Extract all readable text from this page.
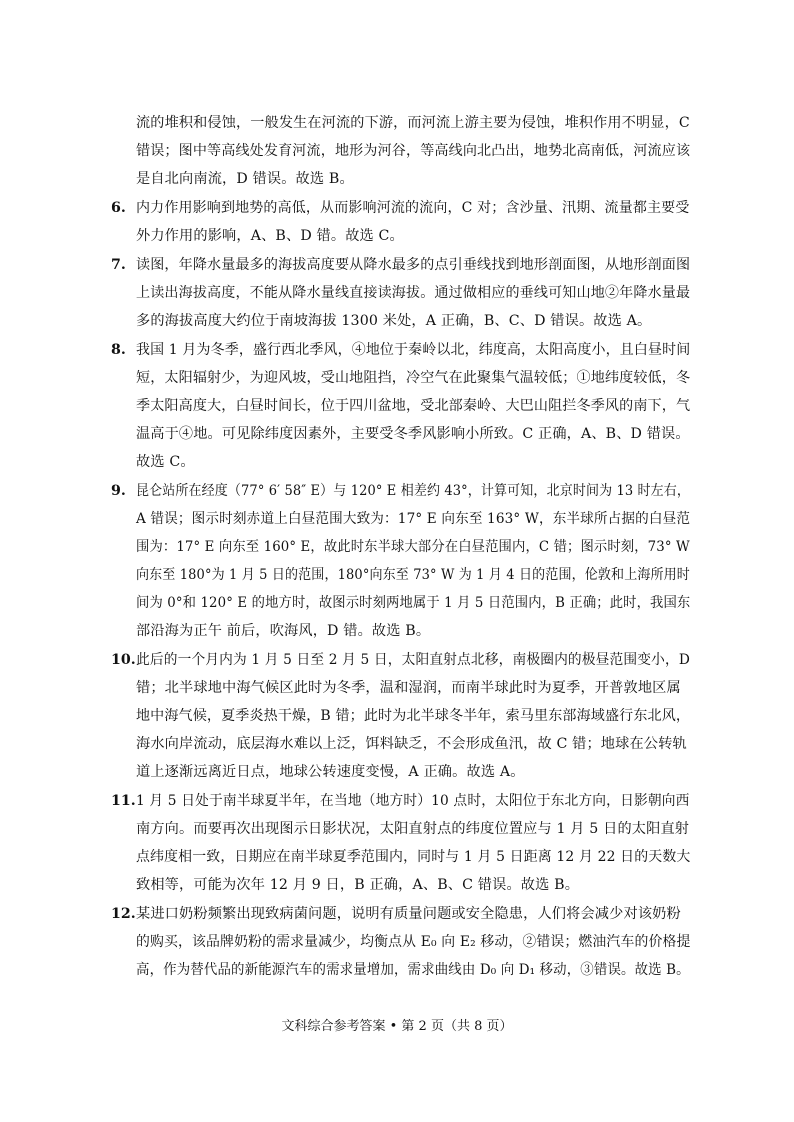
流的堆积和侵蚀，一般发生在河流的下游，而河流上游主要为侵蚀，堆积作用不明显，C
错误；图中等高线处发育河流，地形为河谷，等高线向北凸出，地势北高南低，河流应该
是自北向南流，D 错误。故选 B。
6. 内力作用影响到地势的高低，从而影响河流的流向，C 对；含沙量、汛期、流量都主要受
外力作用的影响，A、B、D 错。故选 C。
7. 读图，年降水量最多的海拔高度要从降水最多的点引垂线找到地形剖面图，从地形剖面图
上读出海拔高度，不能从降水量线直接读海拔。通过做相应的垂线可知山地②年降水量最
多的海拔高度大约位于南坡海拔 1300 米处，A 正确，B、C、D 错误。故选 A。
8. 我国 1 月为冬季，盛行西北季风，④地位于秦岭以北，纬度高，太阳高度小，且白昼时间
短，太阳辐射少，为迎风坡，受山地阻挡，冷空气在此聚集气温较低；①地纬度较低，冬
季太阳高度大，白昼时间长，位于四川盆地，受北部秦岭、大巴山阻拦冬季风的南下，气
温高于④地。可见除纬度因素外，主要受冬季风影响小所致。C 正确，A、B、D 错误。
故选 C。
9. 昆仑站所在经度（77° 6′ 58″ E）与 120° E 相差约 43°，计算可知，北京时间为 13 时左右，
A 错误；图示时刻赤道上白昼范围大致为：17° E 向东至 163° W，东半球所占据的白昼范
围为：17° E 向东至 160° E，故此时东半球大部分在白昼范围内，C 错；图示时刻，73° W
向东至 180°为 1 月 5 日的范围，180°向东至 73° W 为 1 月 4 日的范围，伦敦和上海所用时
间为 0°和 120° E 的地方时，故图示时刻两地属于 1 月 5 日范围内，B 正确；此时，我国东
部沿海为正午 前后，吹海风，D 错。故选 B。
10. 此后的一个月内为 1 月 5 日至 2 月 5 日，太阳直射点北移，南极圈内的极昼范围变小，D
错；北半球地中海气候区此时为冬季，温和湿润，而南半球此时为夏季，开普敦地区属
地中海气候，夏季炎热干燥，B 错；此时为北半球冬半年，索马里东部海域盛行东北风，
海水向岸流动，底层海水难以上泛，饵料缺乏，不会形成鱼汛，故 C 错；地球在公转轨
道上逐渐远离近日点，地球公转速度变慢，A 正确。故选 A。
11. 1 月 5 日处于南半球夏半年，在当地（地方时）10 点时，太阳位于东北方向，日影朝向西
南方向。而要再次出现图示日影状况，太阳直射点的纬度位置应与 1 月 5 日的太阳直射
点纬度相一致，日期应在南半球夏季范围内，同时与 1 月 5 日距离 12 月 22 日的天数大
致相等，可能为次年 12 月 9 日，B 正确，A、B、C 错误。故选 B。
12. 某进口奶粉频繁出现致病菌问题，说明有质量问题或安全隐患，人们将会减少对该奶粉
的购买，该品牌奶粉的需求量减少，均衡点从 E₀ 向 E₂ 移动，②错误；燃油汽车的价格提
高，作为替代品的新能源汽车的需求量增加，需求曲线由 D₀ 向 D₁ 移动，③错误。故选 B。
文科综合参考答案 • 第 2 页（共 8 页）
